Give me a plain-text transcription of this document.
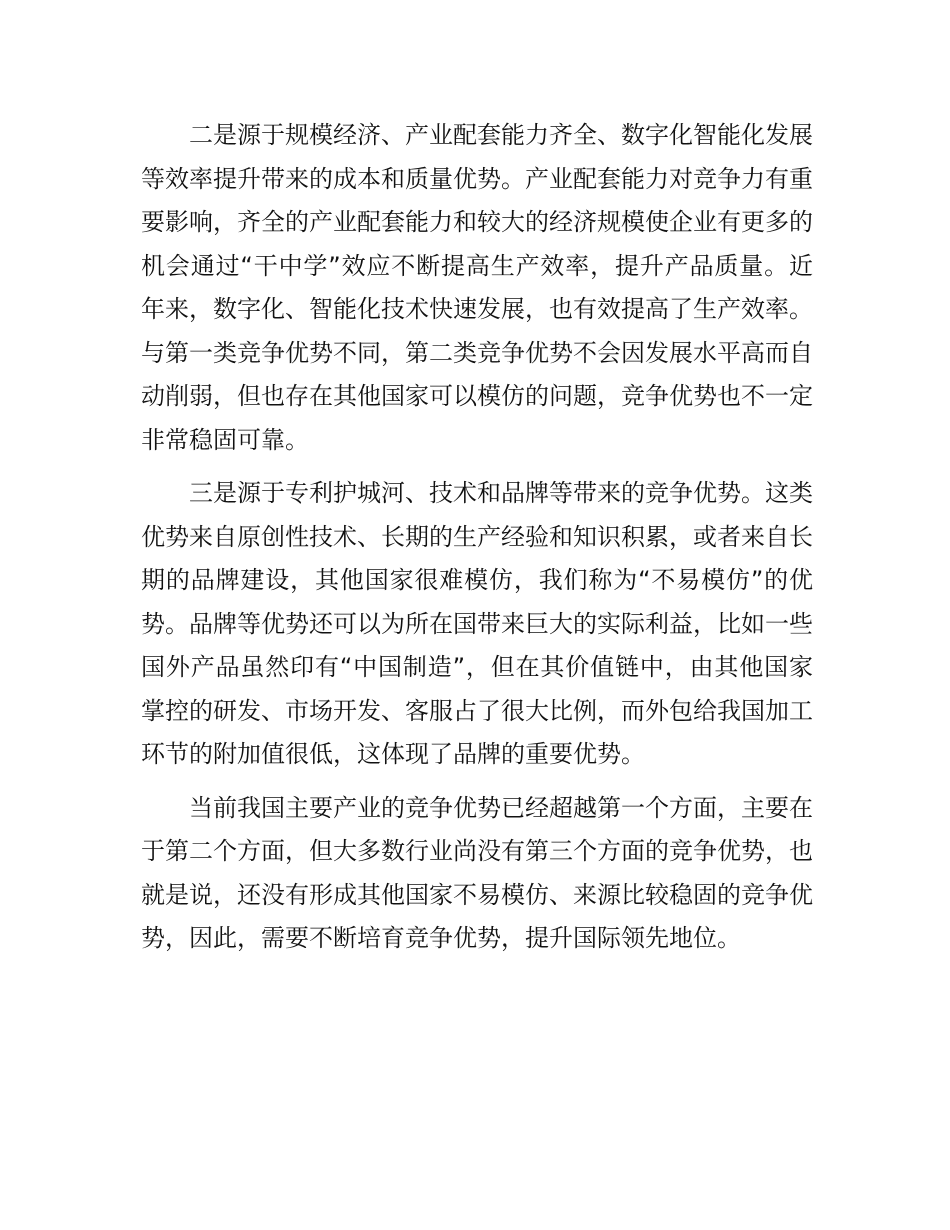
二是源于规模经济、产业配套能力齐全、数字化智能化发展等效率提升带来的成本和质量优势。产业配套能力对竞争力有重要影响，齐全的产业配套能力和较大的经济规模使企业有更多的机会通过“干中学”效应不断提高生产效率，提升产品质量。近年来，数字化、智能化技术快速发展，也有效提高了生产效率。与第一类竞争优势不同，第二类竞争优势不会因发展水平高而自动削弱，但也存在其他国家可以模仿的问题，竞争优势也不一定非常稳固可靠。

三是源于专利护城河、技术和品牌等带来的竞争优势。这类优势来自原创性技术、长期的生产经验和知识积累，或者来自长期的品牌建设，其他国家很难模仿，我们称为“不易模仿”的优势。品牌等优势还可以为所在国带来巨大的实际利益，比如一些国外产品虽然印有“中国制造”，但在其价值链中，由其他国家掌控的研发、市场开发、客服占了很大比例，而外包给我国加工环节的附加值很低，这体现了品牌的重要优势。

当前我国主要产业的竞争优势已经超越第一个方面，主要在于第二个方面，但大多数行业尚没有第三个方面的竞争优势，也就是说，还没有形成其他国家不易模仿、来源比较稳固的竞争优势，因此，需要不断培育竞争优势，提升国际领先地位。
